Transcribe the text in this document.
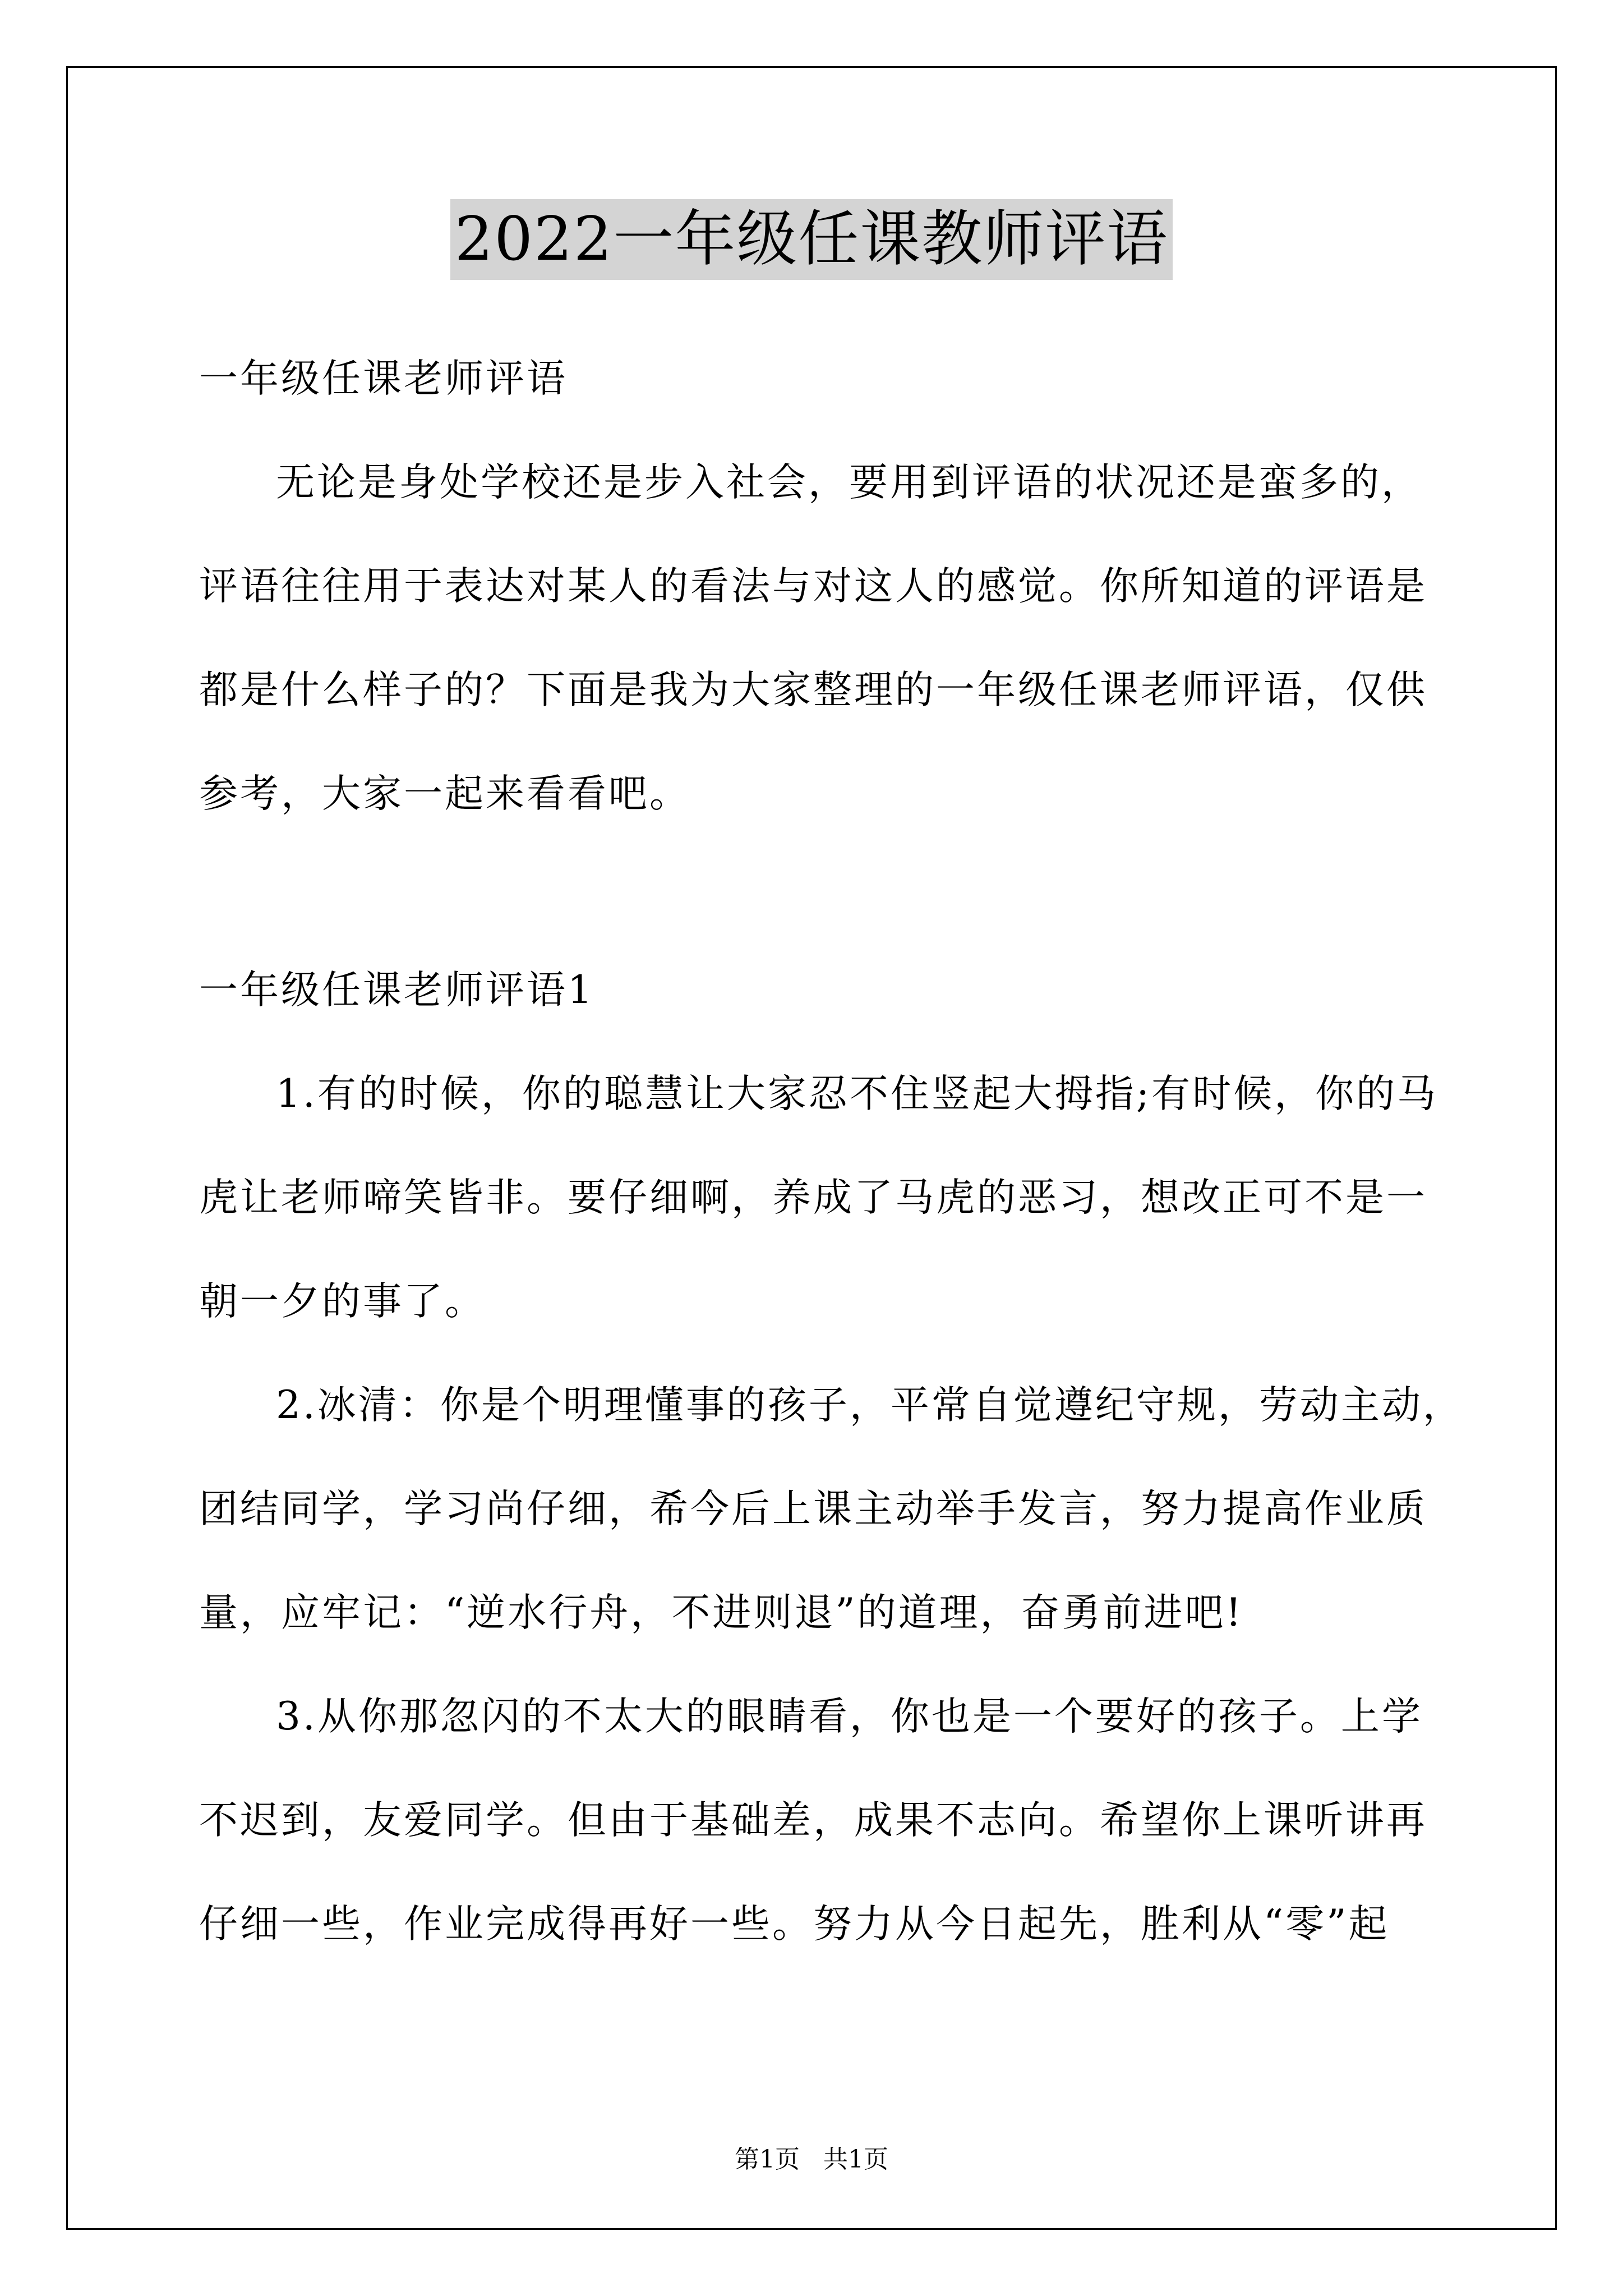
2022一年级任课教师评语
一年级任课老师评语
无论是身处学校还是步入社会，要用到评语的状况还是蛮多的，
评语往往用于表达对某人的看法与对这人的感觉。你所知道的评语是
都是什么样子的？下面是我为大家整理的一年级任课老师评语，仅供
参考，大家一起来看看吧。
一年级任课老师评语1
1.有的时候，你的聪慧让大家忍不住竖起大拇指;有时候，你的马
虎让老师啼笑皆非。要仔细啊，养成了马虎的恶习，想改正可不是一
朝一夕的事了。
2.冰清：你是个明理懂事的孩子，平常自觉遵纪守规，劳动主动，
团结同学，学习尚仔细，希今后上课主动举手发言，努力提高作业质
量，应牢记：“逆水行舟，不进则退”的道理，奋勇前进吧!
3.从你那忽闪的不太大的眼睛看，你也是一个要好的孩子。上学
不迟到，友爱同学。但由于基础差，成果不志向。希望你上课听讲再
仔细一些，作业完成得再好一些。努力从今日起先，胜利从“零”起
第1页 共1页
